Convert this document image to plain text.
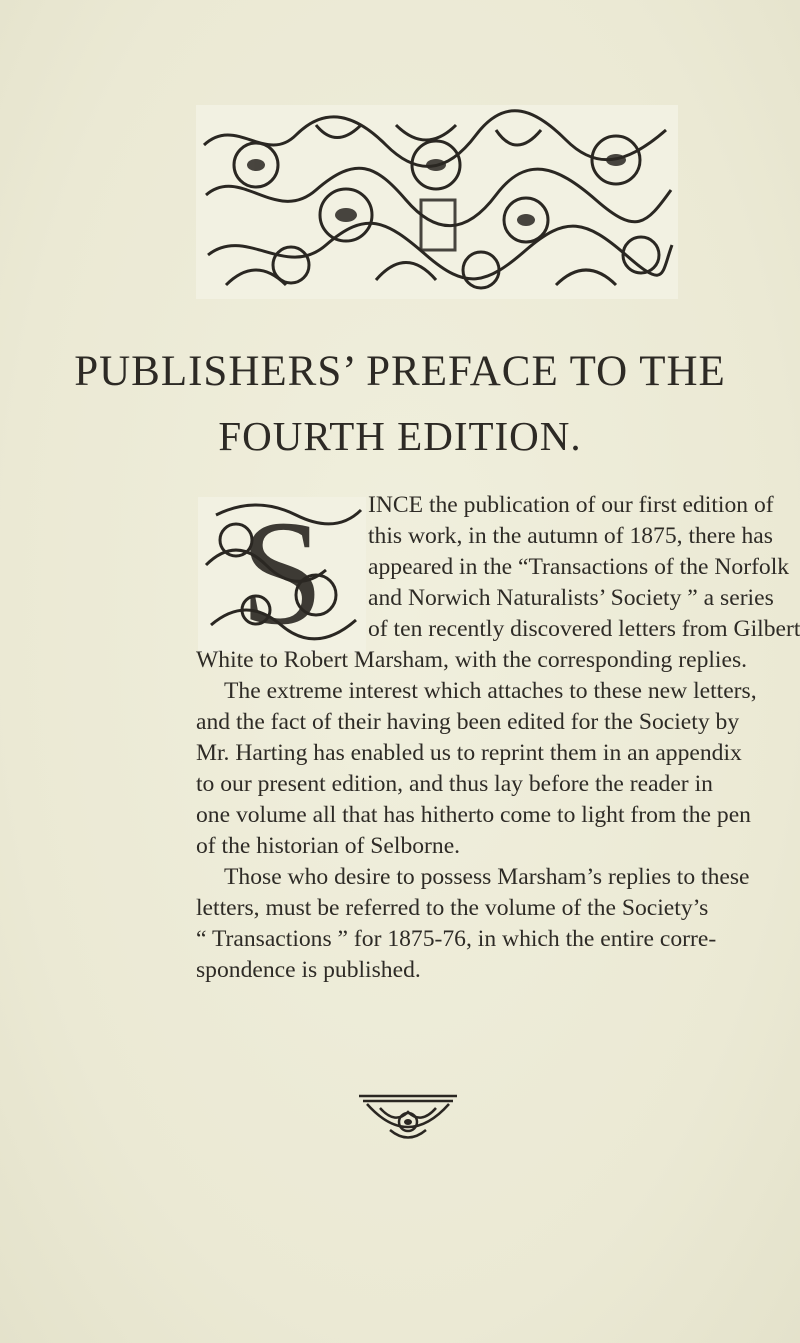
PUBLISHERS’ PREFACE TO THE
FOURTH EDITION.
S	INCE the publication of our first edition of
this work, in the autumn of 1875, there has
appeared in the “Transactions of the Norfolk
and Norwich Naturalists’ Society ” a series
of ten recently discovered letters from Gilbert
White to Robert Marsham, with the corresponding replies.

The extreme interest which attaches to these new letters,
and the fact of their having been edited for the Society by
Mr. Harting has enabled us to reprint them in an appendix
to our present edition, and thus lay before the reader in
one volume all that has hitherto come to light from the pen
of the historian of Selborne.

Those who desire to possess Marsham’s replies to these
letters, must be referred to the volume of the Society’s
“ Transactions ” for 1875-76, in which the entire corre-
spondence is published.
